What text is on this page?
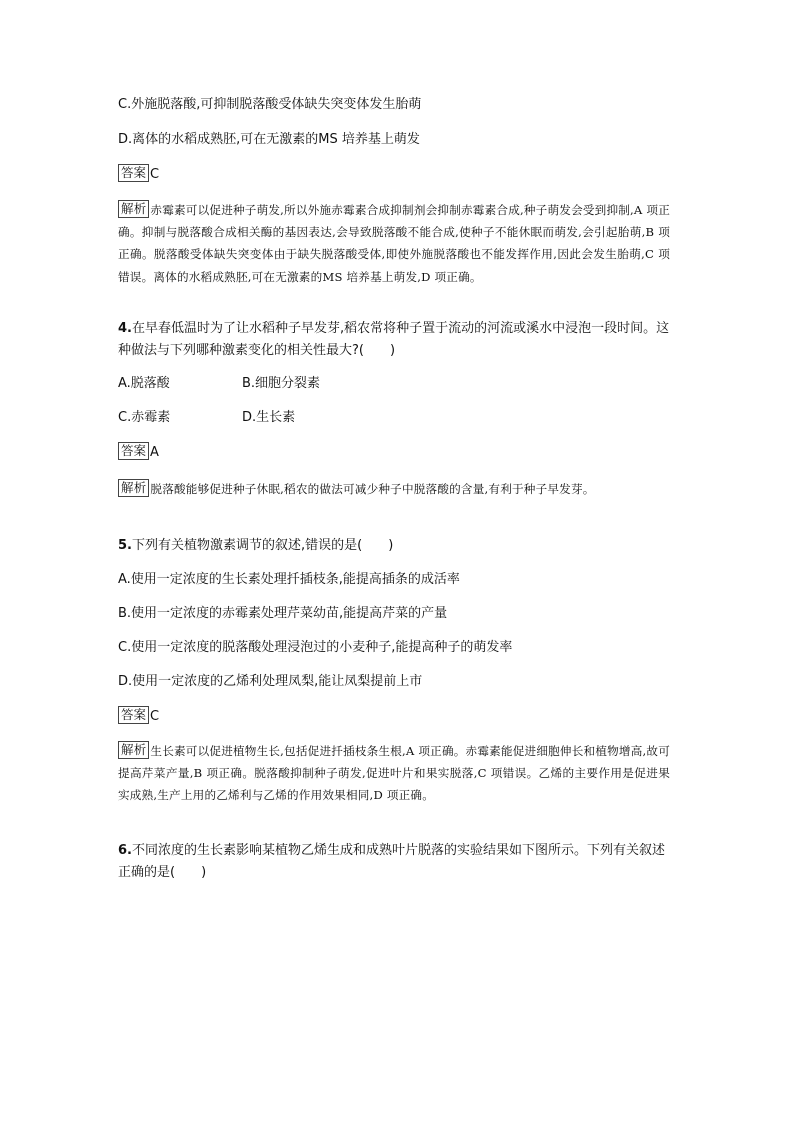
C.外施脱落酸,可抑制脱落酸受体缺失突变体发生胎萌
D.离体的水稻成熟胚,可在无激素的MS 培养基上萌发
答案 C
解析 赤霉素可以促进种子萌发,所以外施赤霉素合成抑制剂会抑制赤霉素合成,种子萌发会受到抑制,A 项正确。抑制与脱落酸合成相关酶的基因表达,会导致脱落酸不能合成,使种子不能休眠而萌发,会引起胎萌,B 项正确。脱落酸受体缺失突变体由于缺失脱落酸受体,即使外施脱落酸也不能发挥作用,因此会发生胎萌,C 项错误。离体的水稻成熟胚,可在无激素的MS 培养基上萌发,D 项正确。
4.在早春低温时为了让水稻种子早发芽,稻农常将种子置于流动的河流或溪水中浸泡一段时间。这种做法与下列哪种激素变化的相关性最大?(　　)
A.脱落酸	B.细胞分裂素
C.赤霉素	D.生长素
答案 A
解析 脱落酸能够促进种子休眠,稻农的做法可减少种子中脱落酸的含量,有利于种子早发芽。
5.下列有关植物激素调节的叙述,错误的是(　　)
A.使用一定浓度的生长素处理扦插枝条,能提高插条的成活率
B.使用一定浓度的赤霉素处理芹菜幼苗,能提高芹菜的产量
C.使用一定浓度的脱落酸处理浸泡过的小麦种子,能提高种子的萌发率
D.使用一定浓度的乙烯利处理凤梨,能让凤梨提前上市
答案 C
解析 生长素可以促进植物生长,包括促进扦插枝条生根,A 项正确。赤霉素能促进细胞伸长和植物增高,故可提高芹菜产量,B 项正确。脱落酸抑制种子萌发,促进叶片和果实脱落,C 项错误。乙烯的主要作用是促进果实成熟,生产上用的乙烯利与乙烯的作用效果相同,D 项正确。
6.不同浓度的生长素影响某植物乙烯生成和成熟叶片脱落的实验结果如下图所示。下列有关叙述正确的是(　　)
